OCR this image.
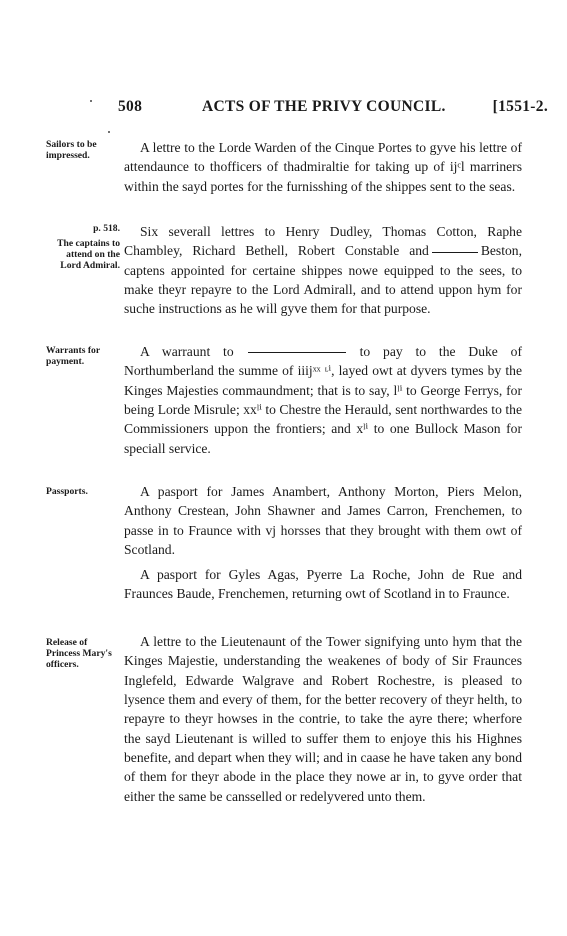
508	ACTS OF THE PRIVY COUNCIL.	[1551-2.
Sailors to be impressed.
A lettre to the Lorde Warden of the Cinque Portes to gyve his lettre of attendaunce to thofficers of thadmiraltie for taking up of ijᶜl marriners within the sayd portes for the furnisshing of the shippes sent to the seas.
p. 518.
The captains to attend on the Lord Admiral.
Six severall lettres to Henry Dudley, Thomas Cotton, Raphe Chambley, Richard Bethell, Robert Constable and	Beston, captens appointed for certaine shippes nowe equipped to the sees, to make theyr repayre to the Lord Admirall, and to attend uppon hym for suche instructions as he will gyve them for that purpose.
Warrants for payment.
A warraunt to	to pay to the Duke of Northumberland the summe of iiijˣˣ ᶫⁱ, layed owt at dyvers tymes by the Kinges Majesties commaundment; that is to say, lˡⁱ to George Ferrys, for being Lorde Misrule; xxˡⁱ to Chestre the Herauld, sent northwardes to the Commissioners uppon the frontiers; and xˡⁱ to one Bullock Mason for speciall service.
Passports.	A pasport for James Anambert, Anthony Morton, Piers Melon, Anthony Crestean, John Shawner and James Carron, Frenchemen, to passe in to Fraunce with vj horsses that they brought with them owt of Scotland.
A pasport for Gyles Agas, Pyerre La Roche, John de Rue and Fraunces Baude, Frenchemen, returning owt of Scotland in to Fraunce.
Release of Princess Mary's officers.
A lettre to the Lieutenaunt of the Tower signifying unto hym that the Kinges Majestie, understanding the weakenes of body of Sir Fraunces Inglefeld, Edwarde Walgrave and Robert Rochestre, is pleased to lysence them and every of them, for the better recovery of theyr helth, to repayre to theyr howses in the contrie, to take the ayre there; wherfore the sayd Lieutenant is willed to suffer them to enjoye this his Highnes benefite, and depart when they will; and in caase he have taken any bond of them for theyr abode in the place they nowe ar in, to gyve order that either the same be cansselled or redelyvered unto them.
